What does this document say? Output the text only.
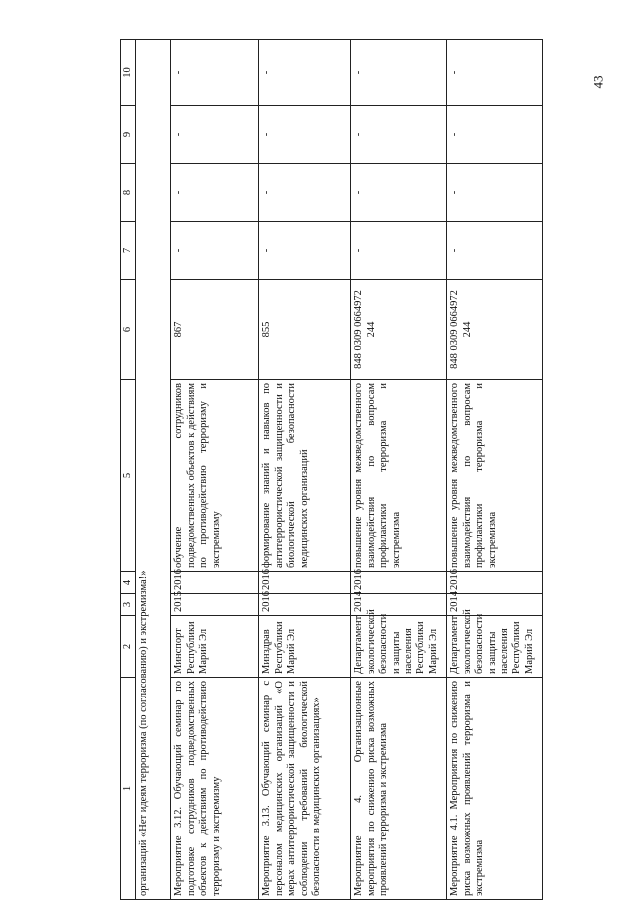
43
1	2	3	4	5	6	7	8	9	10
организаций «Нет идеям терроризма (по согласованию) и экстремизма!»									
Мероприятие 3.12. Обучающий семинар по подготовке сотрудников подведомственных объектов к действиям по противодействию терроризму и экстремизму	Минспорт Республики Марий Эл	2015	2016	обучение сотрудников подведомственных объектов к действиям по противодействию терроризму и экстремизму	867	-	-	-	-
Мероприятие 3.13. Обучающий семинар с персоналом медицинских организаций «О мерах антитеррористической защищенности и соблюдении требований биологической безопасности в медицинских организациях»	Минздрав Республики Марий Эл	2016	2016	формирование знаний и навыков по антитеррористической защищенности и биологической безопасности медицинских организаций	855	-	-	-	-
Мероприятие 4. Организационные мероприятия по снижению риска возможных проявлений терроризма и экстремизма	Департамент экологической безопасности и защиты населения Республики Марий Эл	2014	2016	повышение уровня межведомственного взаимодействия по вопросам профилактики терроризма и экстремизма	848 0309 0664972 244	-	-	-	-
Мероприятие 4.1. Мероприятия по снижению риска возможных проявлений терроризма и экстремизма	Департамент экологической безопасности и защиты населения Республики Марий Эл	2014	2016	повышение уровня межведомственного взаимодействия по вопросам профилактики терроризма и экстремизма	848 0309 0664972 244	-	-	-	-
